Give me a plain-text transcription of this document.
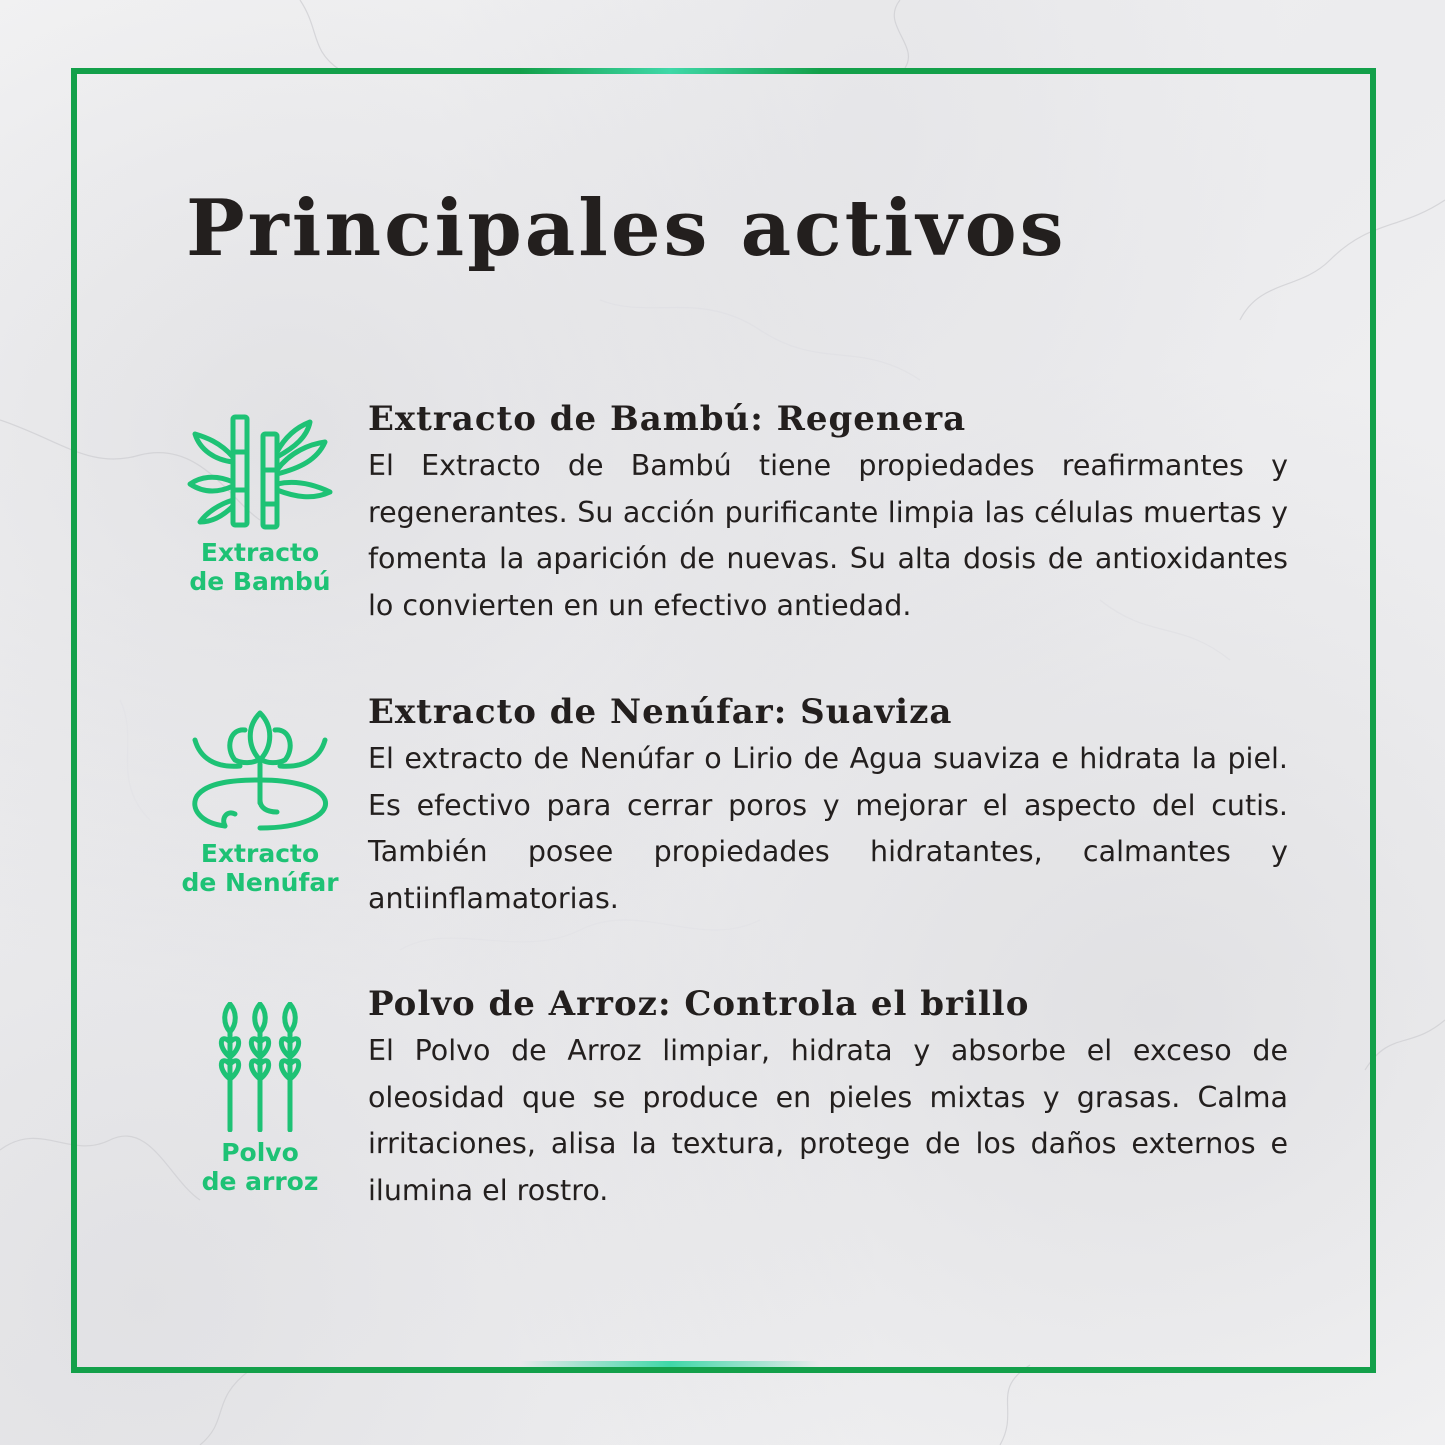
Principales activos
Extracto
de Bambú
Extracto de Bambú: Regenera

El Extracto de Bambú tiene propiedades reafirmantes y regenerantes. Su acción purificante limpia las células muertas y fomenta la aparición de nuevas. Su alta dosis de antioxidantes lo convierten en un efectivo antiedad.

Extracto
de Nenúfar
Extracto de Nenúfar: Suaviza

El extracto de Nenúfar o Lirio de Agua suaviza e hidrata la piel. Es efectivo para cerrar poros y mejorar el aspecto del cutis. También posee propiedades hidratantes, calmantes y antiinflamatorias.

Polvo
de arroz
Polvo de Arroz: Controla el brillo

El Polvo de Arroz limpiar, hidrata y absorbe el exceso de oleosidad que se produce en pieles mixtas y grasas. Calma irritaciones, alisa la textura, protege de los daños externos e ilumina el rostro.
